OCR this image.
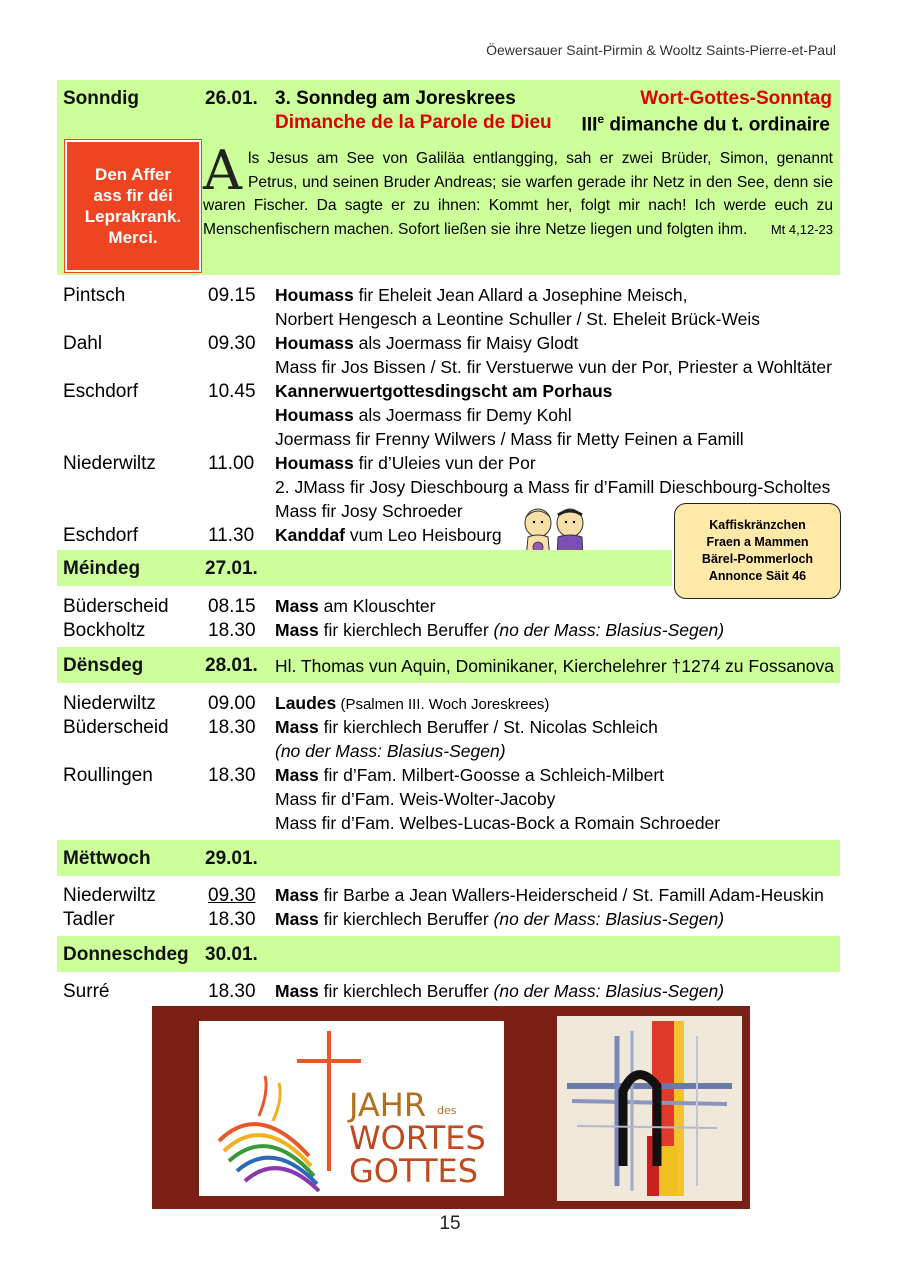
Öewersauer Saint-Pirmin & Wooltz Saints-Pierre-et-Paul
Sonndig	26.01. 3. Sonndeg am Joreskrees	Wort-Gottes-Sonntag
Dimanche de la Parole de Dieu IIIe dimanche du t. ordinaire
Den Affer
ass fir déi
Leprakrank.
Merci.
Als Jesus am See von Galiläa entlangging, sah er zwei Brüder, Simon, genannt Petrus, und seinen Bruder Andreas; sie warfen gerade ihr Netz in den See, denn sie waren Fischer. Da sagte er zu ihnen: Kommt her, folgt mir nach! Ich werde euch zu Menschenfischern machen. Sofort ließen sie ihre Netze liegen und folgten ihm. Mt 4,12-23
Pintsch	09.15 Houmass fir Eheleit Jean Allard a Josephine Meisch,
Norbert Hengesch a Leontine Schuller / St. Eheleit Brück-Weis
Dahl	09.30 Houmass als Joermass fir Maisy Glodt
Mass fir Jos Bissen / St. fir Verstuerwe vun der Por, Priester a Wohltäter
Eschdorf	10.45 Kannerwuertgottesdingscht am Porhaus
Houmass als Joermass fir Demy Kohl
Joermass fir Frenny Wilwers / Mass fir Metty Feinen a Famill
Niederwiltz	11.00 Houmass fir d’Uleies vun der Por
2. JMass fir Josy Dieschbourg a Mass fir d’Famill Dieschbourg-Scholtes
Mass fir Josy Schroeder
Eschdorf	11.30 Kanddaf vum Leo Heisbourg	Kaffiskränzchen
Fraen a Mammen
Bärel-Pommerloch
Annonce Säit 46
Méindeg	27.01.
Büderscheid 08.15 Mass am Klouschter
Bockholtz	18.30 Mass fir kierchlech Beruffer (no der Mass: Blasius-Segen)
Dënsdeg	28.01. Hl. Thomas vun Aquin, Dominikaner, Kierchelehrer †1274 zu Fossanova
Niederwiltz	09.00 Laudes (Psalmen III. Woch Joreskrees)
Büderscheid 18.30 Mass fir kierchlech Beruffer / St. Nicolas Schleich
(no der Mass: Blasius-Segen)
Roullingen	18.30 Mass fir d’Fam. Milbert-Goosse a Schleich-Milbert
Mass fir d’Fam. Weis-Wolter-Jacoby
Mass fir d’Fam. Welbes-Lucas-Bock a Romain Schroeder
Mëttwoch	29.01.
Niederwiltz	09.30 Mass fir Barbe a Jean Wallers-Heiderscheid / St. Famill Adam-Heuskin
Tadler	18.30 Mass fir kierchlech Beruffer (no der Mass: Blasius-Segen)
Donneschdeg 30.01.
Surré	18.30 Mass fir kierchlech Beruffer (no der Mass: Blasius-Segen)
JAHR des
WORTES
GOTTES
15
